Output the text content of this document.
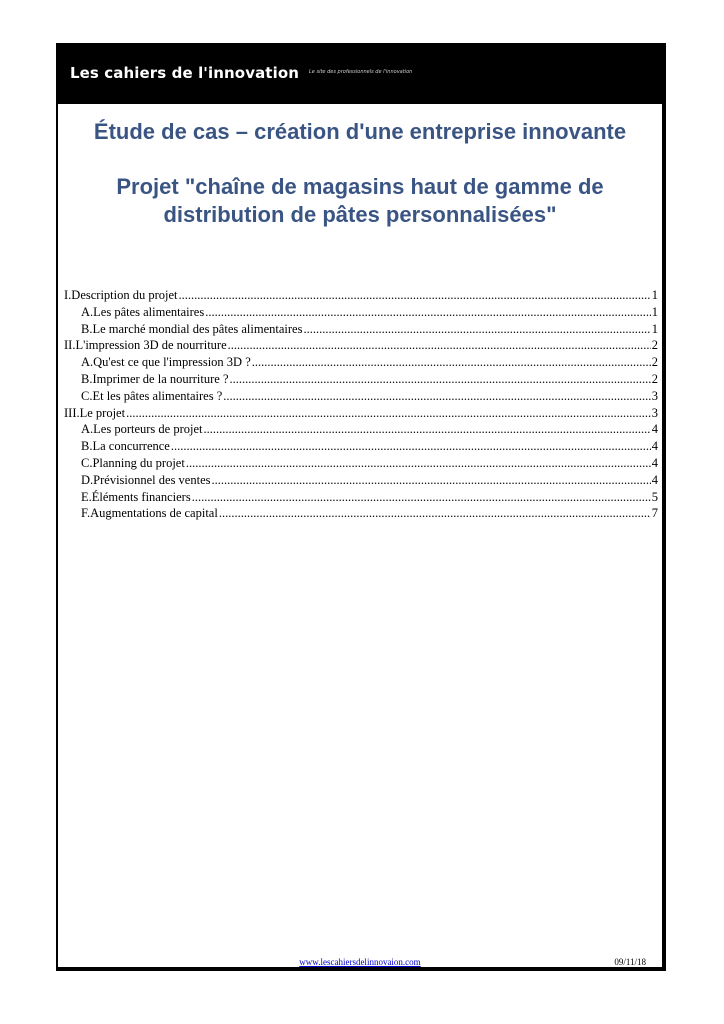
Les cahiers de l'innovation Le site des professionnels de l'innovation
Étude de cas – création d'une entreprise innovante
Projet "chaîne de magasins haut de gamme de distribution de pâtes personnalisées"
I.Description du projet .....	1
A.Les pâtes alimentaires .....	1
B.Le marché mondial des pâtes alimentaires .....	1
II.L'impression 3D de nourriture .....	2
A.Qu'est ce que l'impression 3D ? .....	2
B.Imprimer de la nourriture ? .....	2
C.Et les pâtes alimentaires ? .....	3
III.Le projet .....	3
A.Les porteurs de projet .....	4
B.La concurrence .....	4
C.Planning du projet .....	4
D.Prévisionnel des ventes .....	4
E.Éléments financiers .....	5
F.Augmentations de capital .....	7
www.lescahiersdelinnovaion.com	09/11/18
